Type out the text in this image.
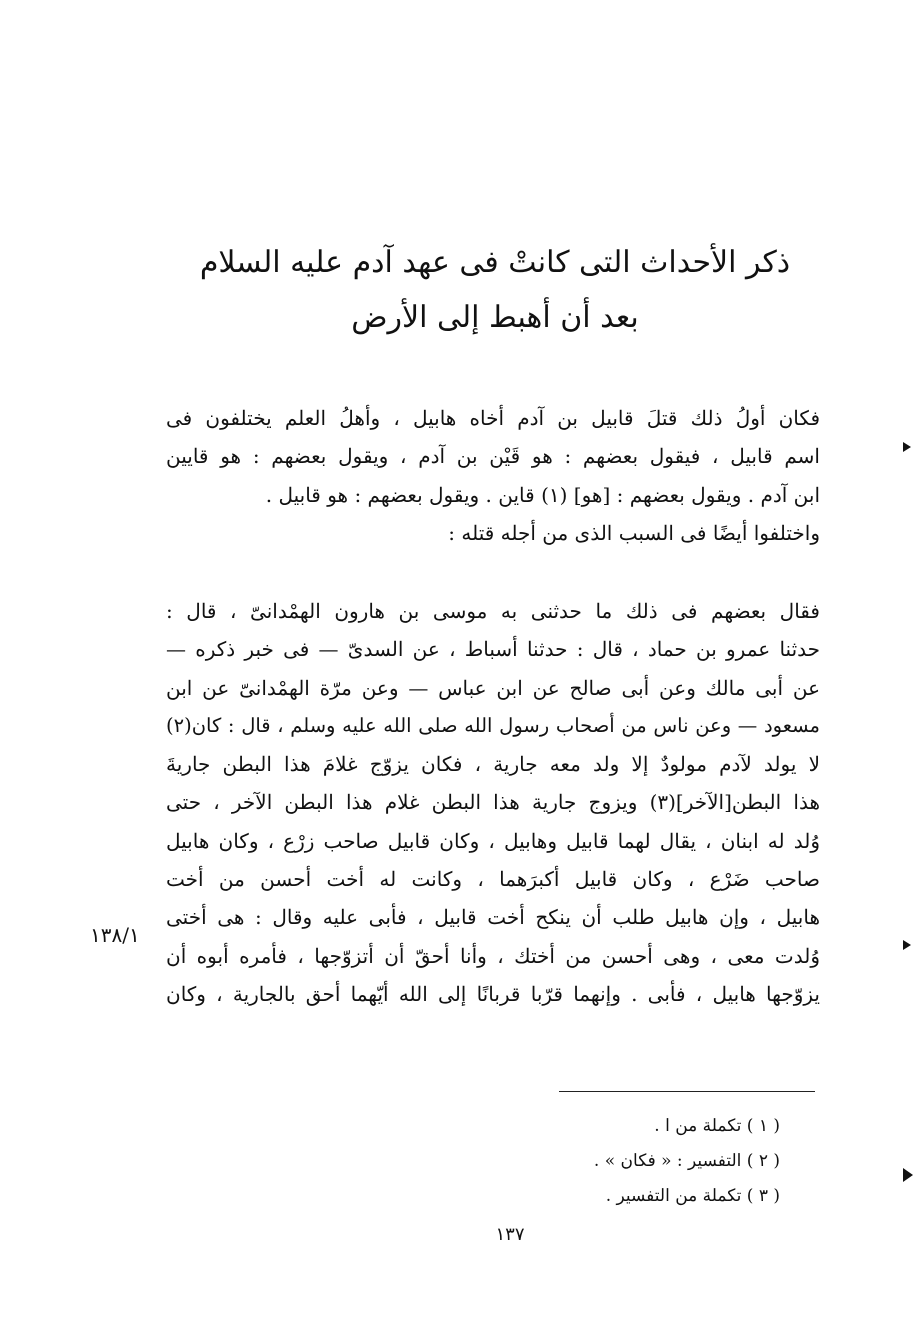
ذكر الأحداث التى كانتْ فى عهد آدم عليه السلام
بعد أن أهبط إلى الأرض
فكان أولُ ذلك قتلَ قابيل بن آدم أخاه هابيل ، وأهلُ العلم يختلفون فى
اسم قابيل ، فيقول بعضهم : هو قَيْن بن آدم ، ويقول بعضهم : هو قايين
ابن آدم . ويقول بعضهم : [هو] (١) قاين . ويقول بعضهم : هو قابيل .
واختلفوا أيضًا فى السبب الذى من أجله قتله :
فقال بعضهم فى ذلك ما حدثنى به موسى بن هارون الهمْدانىّ ، قال :
حدثنا عمرو بن حماد ، قال : حدثنا أسباط ، عن السدىّ — فى خبر ذكره —
عن أبى مالك وعن أبى صالح عن ابن عباس — وعن مرّة الهمْدانىّ عن ابن
مسعود — وعن ناس من أصحاب رسول الله صلى الله عليه وسلم ، قال : كان(٢)
لا يولد لآدم مولودٌ إلا ولد معه جارية ، فكان يزوّج غلامَ هذا البطن جاريةَ
هذا البطن[الآخر](٣) ويزوج جارية هذا البطن غلام هذا البطن الآخر ، حتى
وُلد له ابنان ، يقال لهما قابيل وهابيل ، وكان قابيل صاحب زرْع ، وكان هابيل
صاحب ضَرْع ، وكان قابيل أكبرَهما ، وكانت له أخت أحسن من أخت
هابيل ، وإن هابيل طلب أن ينكح أخت قابيل ، فأبى عليه وقال : هى أختى
وُلدت معى ، وهى أحسن من أختك ، وأنا أحقّ أن أتزوّجها ، فأمره أبوه أن
يزوّجها هابيل ، فأبى . وإنهما قرّبا قربانًا إلى الله أيّهما أحق بالجارية ، وكان
١٣٨/١
( ١ ) تكملة من ا .
( ٢ ) التفسير : « فكان » .
( ٣ ) تكملة من التفسير .
١٣٧
